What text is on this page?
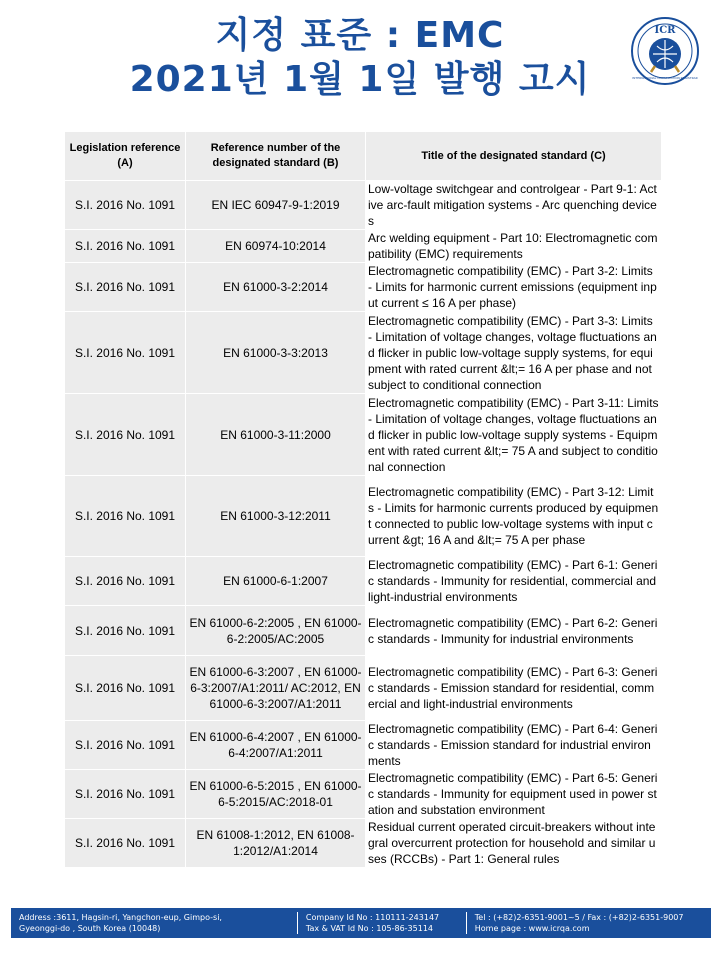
지정 표준 : EMC
2021년 1월 1일 발행 고시
ICR
INTERNATIONAL CERTIFICATION REGISTRAR
Legislation reference (A)	Reference number of the designated standard (B)	Title of the designated standard (C)
S.I. 2016 No. 1091	EN IEC 60947-9-1:2019	Low-voltage switchgear and controlgear - Part 9-1: Active arc-fault mitigation systems - Arc quenching devices
S.I. 2016 No. 1091	EN 60974-10:2014	Arc welding equipment - Part 10: Electromagnetic compatibility (EMC) requirements
S.I. 2016 No. 1091	EN 61000-3-2:2014	Electromagnetic compatibility (EMC) - Part 3-2: Limits - Limits for harmonic current emissions (equipment input current ≤ 16 A per phase)
S.I. 2016 No. 1091	EN 61000-3-3:2013	Electromagnetic compatibility (EMC) - Part 3-3: Limits - Limitation of voltage changes, voltage fluctuations and flicker in public low-voltage supply systems, for equipment with rated current &lt;= 16 A per phase and not subject to conditional connection
S.I. 2016 No. 1091	EN 61000-3-11:2000	Electromagnetic compatibility (EMC) - Part 3-11: Limits - Limitation of voltage changes, voltage fluctuations and flicker in public low-voltage supply systems - Equipment with rated current &lt;= 75 A and subject to conditional connection
S.I. 2016 No. 1091	EN 61000-3-12:2011	Electromagnetic compatibility (EMC) - Part 3-12: Limits - Limits for harmonic currents produced by equipment connected to public low-voltage systems with input current &gt; 16 A and &lt;= 75 A per phase
S.I. 2016 No. 1091	EN 61000-6-1:2007	Electromagnetic compatibility (EMC) - Part 6-1: Generic standards - Immunity for residential, commercial and light-industrial environments
S.I. 2016 No. 1091	EN 61000-6-2:2005 , EN 61000-6-2:2005/AC:2005	Electromagnetic compatibility (EMC) - Part 6-2: Generic standards - Immunity for industrial environments
S.I. 2016 No. 1091	EN 61000-6-3:2007 , EN 61000-6-3:2007/A1:2011/ AC:2012, EN 61000-6-3:2007/A1:2011	Electromagnetic compatibility (EMC) - Part 6-3: Generic standards - Emission standard for residential, commercial and light-industrial environments
S.I. 2016 No. 1091	EN 61000-6-4:2007 , EN 61000-6-4:2007/A1:2011	Electromagnetic compatibility (EMC) - Part 6-4: Generic standards - Emission standard for industrial environments
S.I. 2016 No. 1091	EN 61000-6-5:2015 , EN 61000-6-5:2015/AC:2018-01	Electromagnetic compatibility (EMC) - Part 6-5: Generic standards - Immunity for equipment used in power station and substation environment
S.I. 2016 No. 1091	EN 61008-1:2012, EN 61008-1:2012/A1:2014	Residual current operated circuit-breakers without integral overcurrent protection for household and similar uses (RCCBs) - Part 1: General rules
Address :3611, Hagsin-ri, Yangchon-eup, Gimpo-si,
Gyeonggi-do , South Korea (10048)
Company Id No : 110111-243147
Tax & VAT Id No : 105-86-35114
Tel : (+82)2-6351-9001~5 / Fax : (+82)2-6351-9007
Home page : www.icrqa.com
